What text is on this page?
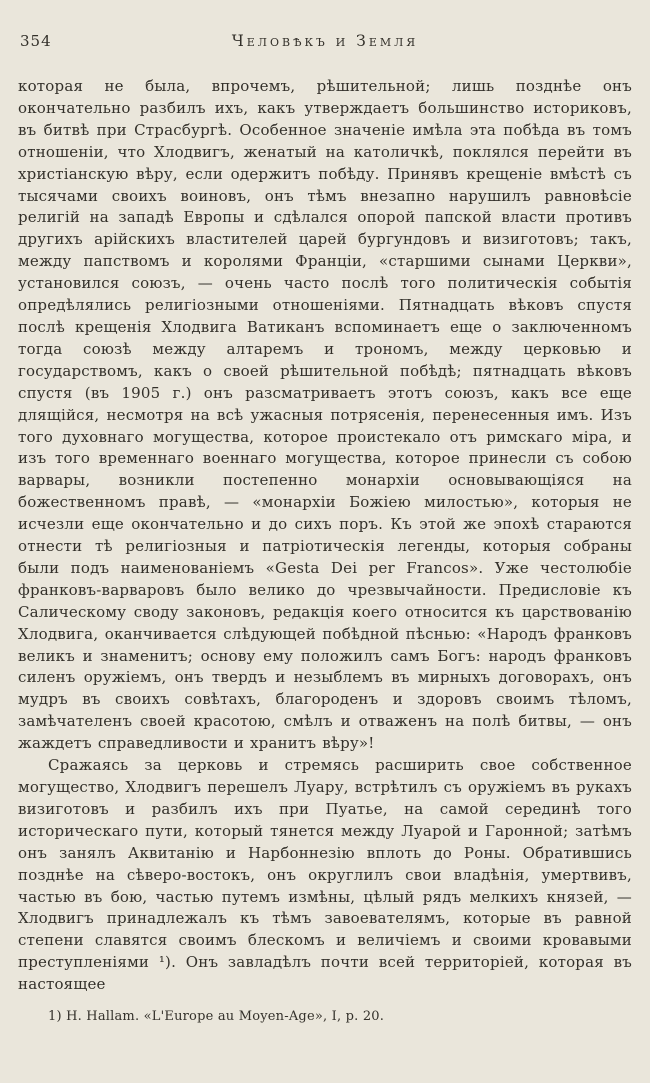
354	Человѣкъ и Земля

которая не была, впрочемъ, рѣшительной; лишь позднѣе онъ окончательно разбилъ ихъ, какъ утверждаетъ большинство историковъ, въ битвѣ при Страсбургѣ. Особенное значеніе имѣла эта побѣда въ томъ отношеніи, что Хлодвигъ, женатый на католичкѣ, поклялся перейти въ христіанскую вѣру, если одержитъ побѣду. Принявъ крещеніе вмѣстѣ съ тысячами своихъ воиновъ, онъ тѣмъ внезапно нарушилъ равновѣсіе религій на западѣ Европы и сдѣлался опорой папской власти противъ другихъ арійскихъ властителей царей бургундовъ и визиготовъ; такъ, между папствомъ и королями Франціи, «старшими сынами Церкви», установился союзъ, — очень часто послѣ того политическія событія опредѣлялись религіозными отношеніями. Пятнадцать вѣковъ спустя послѣ крещенія Хлодвига Ватиканъ вспоминаетъ еще о заключенномъ тогда союзѣ между алтаремъ и трономъ, между церковью и государствомъ, какъ о своей рѣшительной побѣдѣ; пятнадцать вѣковъ спустя (въ 1905 г.) онъ разсматриваетъ этотъ союзъ, какъ все еще длящійся, несмотря на всѣ ужасныя потрясенія, перенесенныя имъ. Изъ того духовнаго могущества, которое проистекало отъ римскаго міра, и изъ того временнаго военнаго могущества, которое принесли съ собою варвары, возникли постепенно монархіи основывающіяся на божественномъ правѣ, — «монархіи Божіею милостью», которыя не исчезли еще окончательно и до сихъ поръ. Къ этой же эпохѣ стараются отнести тѣ религіозныя и патріотическія легенды, которыя собраны были подъ наименованіемъ «Gesta Dei per Francos». Уже честолюбіе франковъ-варваровъ было велико до чрезвычайности. Предисловіе къ Салическому своду законовъ, редакція коего относится къ царствованію Хлодвига, оканчивается слѣдующей побѣдной пѣснью: «Народъ франковъ великъ и знаменитъ; основу ему положилъ самъ Богъ: народъ франковъ силенъ оружіемъ, онъ твердъ и незыблемъ въ мирныхъ договорахъ, онъ мудръ въ своихъ совѣтахъ, благороденъ и здоровъ своимъ тѣломъ, замѣчателенъ своей красотою, смѣлъ и отваженъ на полѣ битвы, — онъ жаждетъ справедливости и хранитъ вѣру»!

Сражаясь за церковь и стремясь расширить свое собственное могущество, Хлодвигъ перешелъ Луару, встрѣтилъ съ оружіемъ въ рукахъ визиготовъ и разбилъ ихъ при Пуатье, на самой серединѣ того историческаго пути, который тянется между Луарой и Гаронной; затѣмъ онъ занялъ Аквитанію и Нарбоннезію вплоть до Роны. Обратившись позднѣе на сѣверо-востокъ, онъ округлилъ свои владѣнія, умертвивъ, частью въ бою, частью путемъ измѣны, цѣлый рядъ мелкихъ князей, — Хлодвигъ принадлежалъ къ тѣмъ завоевателямъ, которые въ равной степени славятся своимъ блескомъ и величіемъ и своими кровавыми преступленіями ¹). Онъ завладѣлъ почти всей территоріей, которая въ настоящее

1) H. Hallam. «L'Europe au Moyen-Age», I, p. 20.
